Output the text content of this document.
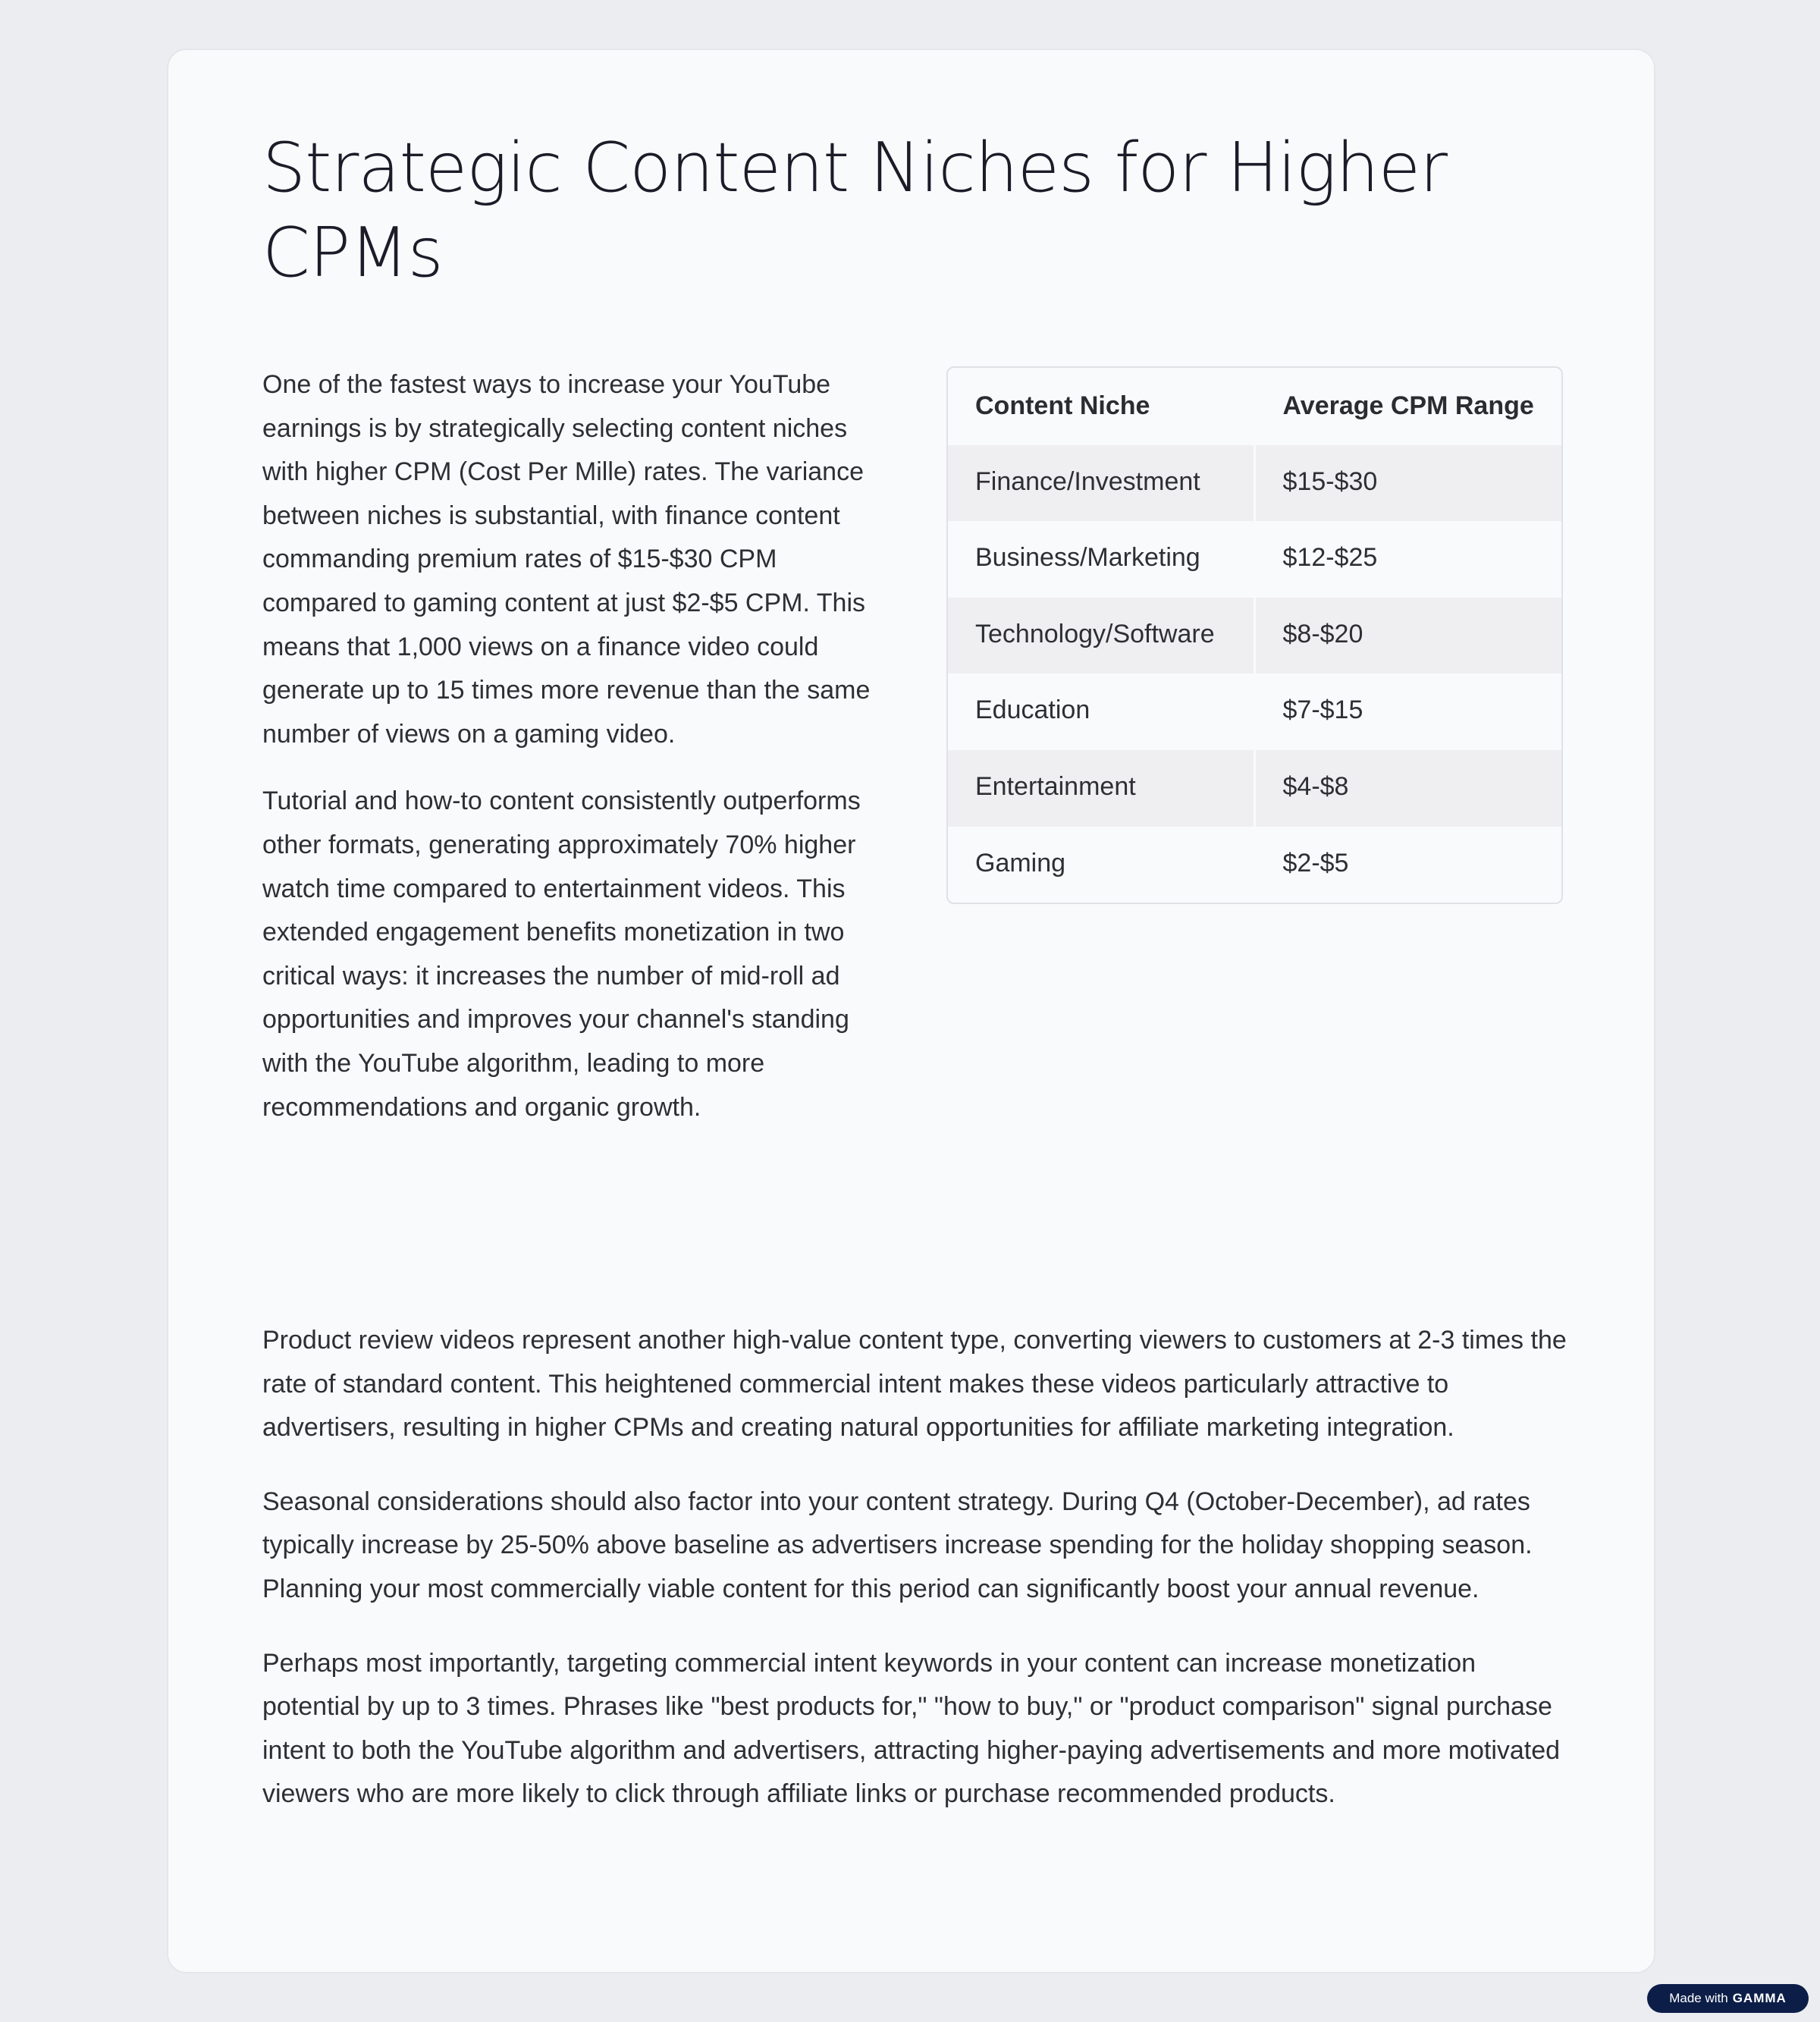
Strategic Content Niches for Higher CPMs

One of the fastest ways to increase your YouTube earnings is by strategically selecting content niches with higher CPM (Cost Per Mille) rates. The variance between niches is substantial, with finance content commanding premium rates of $15-$30 CPM compared to gaming content at just $2-$5 CPM. This means that 1,000 views on a finance video could generate up to 15 times more revenue than the same number of views on a gaming video.

Tutorial and how-to content consistently outperforms other formats, generating approximately 70% higher watch time compared to entertainment videos. This extended engagement benefits monetization in two critical ways: it increases the number of mid-roll ad opportunities and improves your channel's standing with the YouTube algorithm, leading to more recommendations and organic growth.

Content Niche	Average CPM Range
Finance/Investment	$15-$30
Business/Marketing	$12-$25
Technology/Software	$8-$20
Education	$7-$15
Entertainment	$4-$8
Gaming	$2-$5

Product review videos represent another high-value content type, converting viewers to customers at 2-3 times the rate of standard content. This heightened commercial intent makes these videos particularly attractive to advertisers, resulting in higher CPMs and creating natural opportunities for affiliate marketing integration.

Seasonal considerations should also factor into your content strategy. During Q4 (October-December), ad rates typically increase by 25-50% above baseline as advertisers increase spending for the holiday shopping season. Planning your most commercially viable content for this period can significantly boost your annual revenue.

Perhaps most importantly, targeting commercial intent keywords in your content can increase monetization potential by up to 3 times. Phrases like "best products for," "how to buy," or "product comparison" signal purchase intent to both the YouTube algorithm and advertisers, attracting higher-paying advertisements and more motivated viewers who are more likely to click through affiliate links or purchase recommended products.

Made with GAMMA
